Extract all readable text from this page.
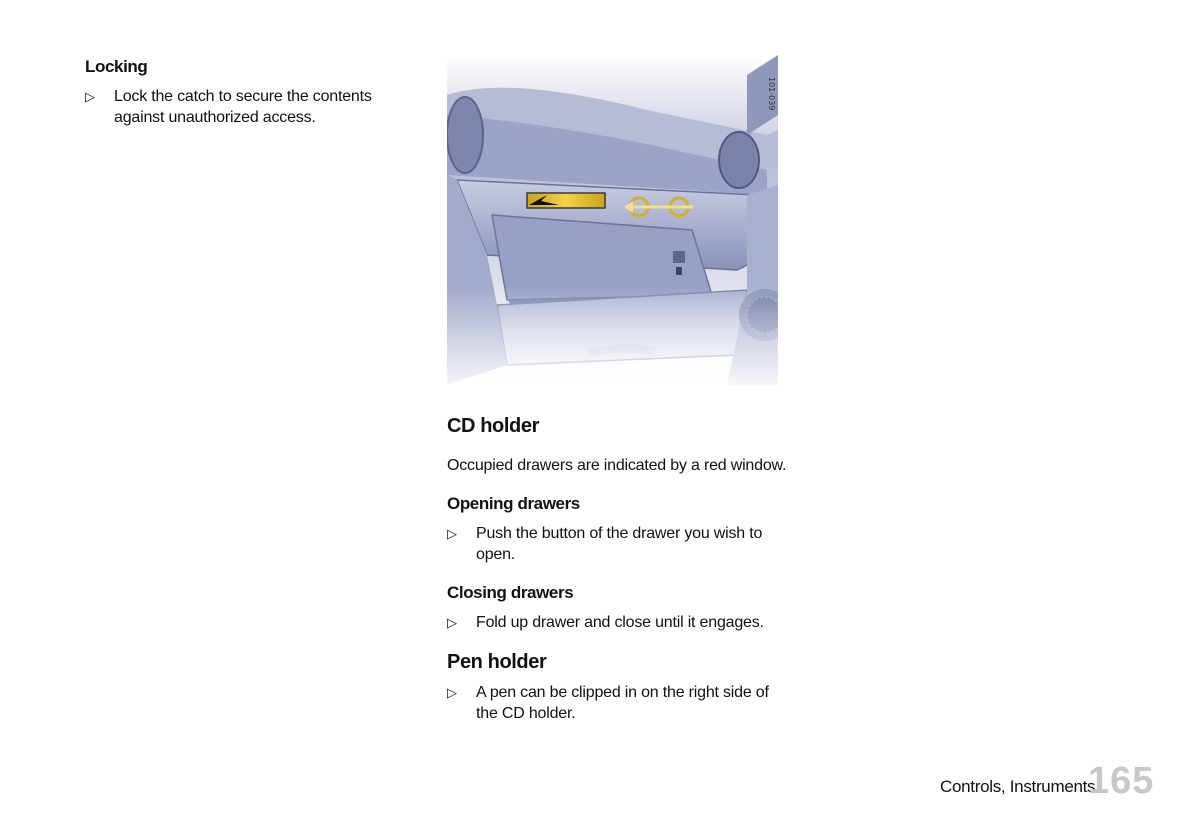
Locking
▷	Lock the catch to secure the contents against unauthorized access.
CD holder
Occupied drawers are indicated by a red window.
Opening drawers
▷	Push the button of the drawer you wish to open.
Closing drawers
▷	Fold up drawer and close until it engages.
Pen holder
▷	A pen can be clipped in on the right side of the CD holder.
Controls, Instruments
165
